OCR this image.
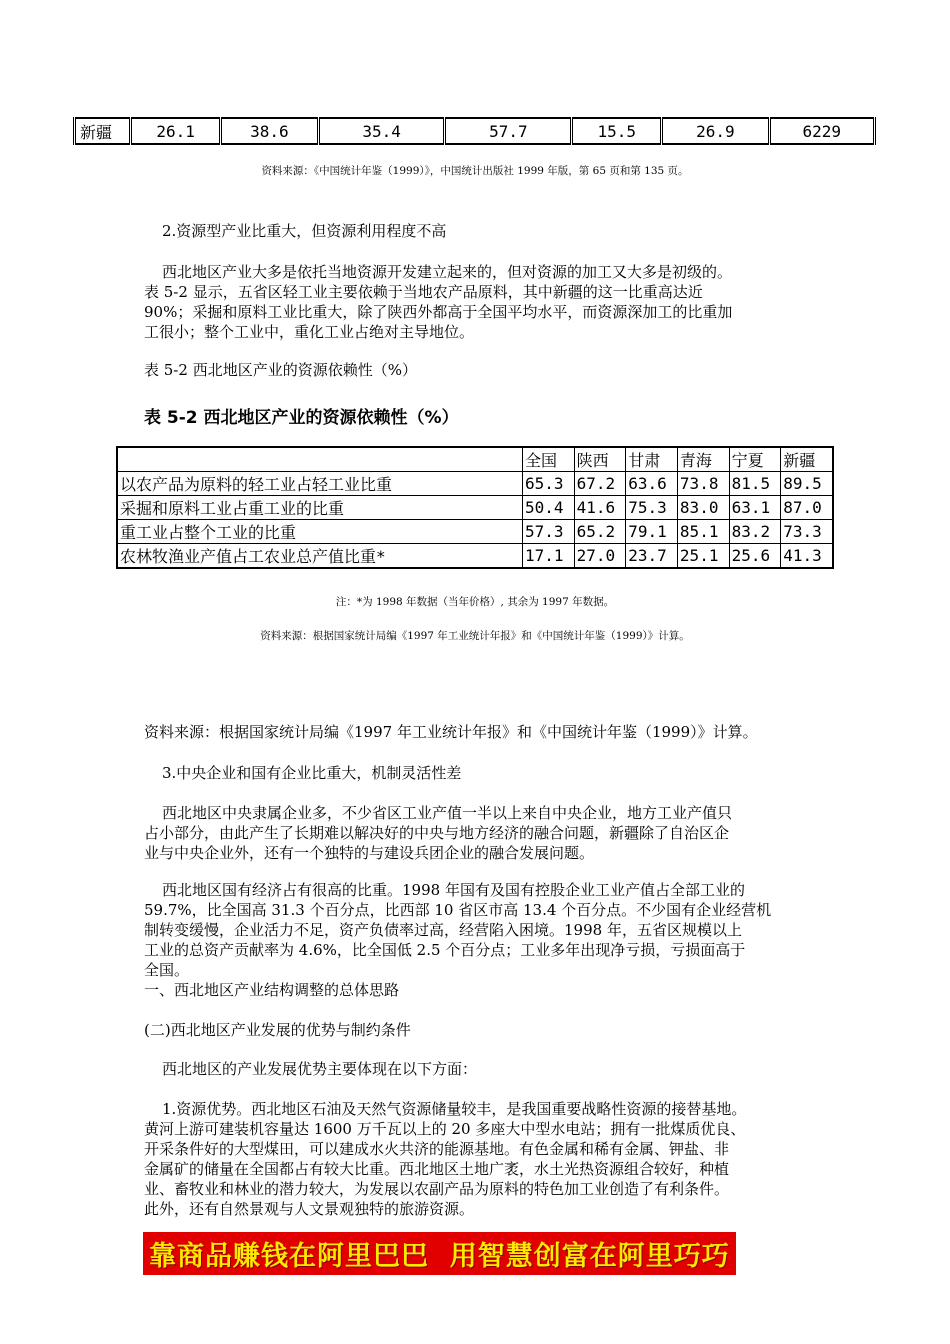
新疆	26.1	38.6	35.4	57.7	15.5	26.9	6229
资料来源：《中国统计年鉴（1999）》，中国统计出版社 1999 年版，第 65 页和第 135 页。
2.资源型产业比重大，但资源利用程度不高
西北地区产业大多是依托当地资源开发建立起来的，但对资源的加工又大多是初级的。
表 5-2 显示，五省区轻工业主要依赖于当地农产品原料，其中新疆的这一比重高达近
90%；采掘和原料工业比重大，除了陕西外都高于全国平均水平，而资源深加工的比重加
工很小；整个工业中，重化工业占绝对主导地位。
表 5-2 西北地区产业的资源依赖性（%）
表 5-2 西北地区产业的资源依赖性（%）
	全国	陕西	甘肃	青海	宁夏	新疆
以农产品为原料的轻工业占轻工业比重	65.3	67.2	63.6	73.8	81.5	89.5
采掘和原料工业占重工业的比重	50.4	41.6	75.3	83.0	63.1	87.0
重工业占整个工业的比重	57.3	65.2	79.1	85.1	83.2	73.3
农林牧渔业产值占工农业总产值比重*	17.1	27.0	23.7	25.1	25.6	41.3
注：*为 1998 年数据（当年价格）, 其余为 1997 年数据。
资料来源：根据国家统计局编《1997 年工业统计年报》和《中国统计年鉴（1999）》计算。
资料来源：根据国家统计局编《1997 年工业统计年报》和《中国统计年鉴（1999）》计算。
3.中央企业和国有企业比重大，机制灵活性差
西北地区中央隶属企业多，不少省区工业产值一半以上来自中央企业，地方工业产值只
占小部分，由此产生了长期难以解决好的中央与地方经济的融合问题，新疆除了自治区企
业与中央企业外，还有一个独特的与建设兵团企业的融合发展问题。
西北地区国有经济占有很高的比重。1998 年国有及国有控股企业工业产值占全部工业的
59.7%，比全国高 31.3 个百分点，比西部 10 省区市高 13.4 个百分点。不少国有企业经营机
制转变缓慢，企业活力不足，资产负债率过高，经营陷入困境。1998 年，五省区规模以上
工业的总资产贡献率为 4.6%，比全国低 2.5 个百分点；工业多年出现净亏损，亏损面高于
全国。
一、西北地区产业结构调整的总体思路
(二)西北地区产业发展的优势与制约条件
西北地区的产业发展优势主要体现在以下方面：
1.资源优势。西北地区石油及天然气资源储量较丰，是我国重要战略性资源的接替基地。
黄河上游可建装机容量达 1600 万千瓦以上的 20 多座大中型水电站；拥有一批煤质优良、
开采条件好的大型煤田，可以建成水火共济的能源基地。有色金属和稀有金属、钾盐、非
金属矿的储量在全国都占有较大比重。西北地区土地广袤，水土光热资源组合较好，种植
业、畜牧业和林业的潜力较大，为发展以农副产品为原料的特色加工业创造了有利条件。
此外，还有自然景观与人文景观独特的旅游资源。
靠商品赚钱在阿里巴巴  用智慧创富在阿里巧巧
